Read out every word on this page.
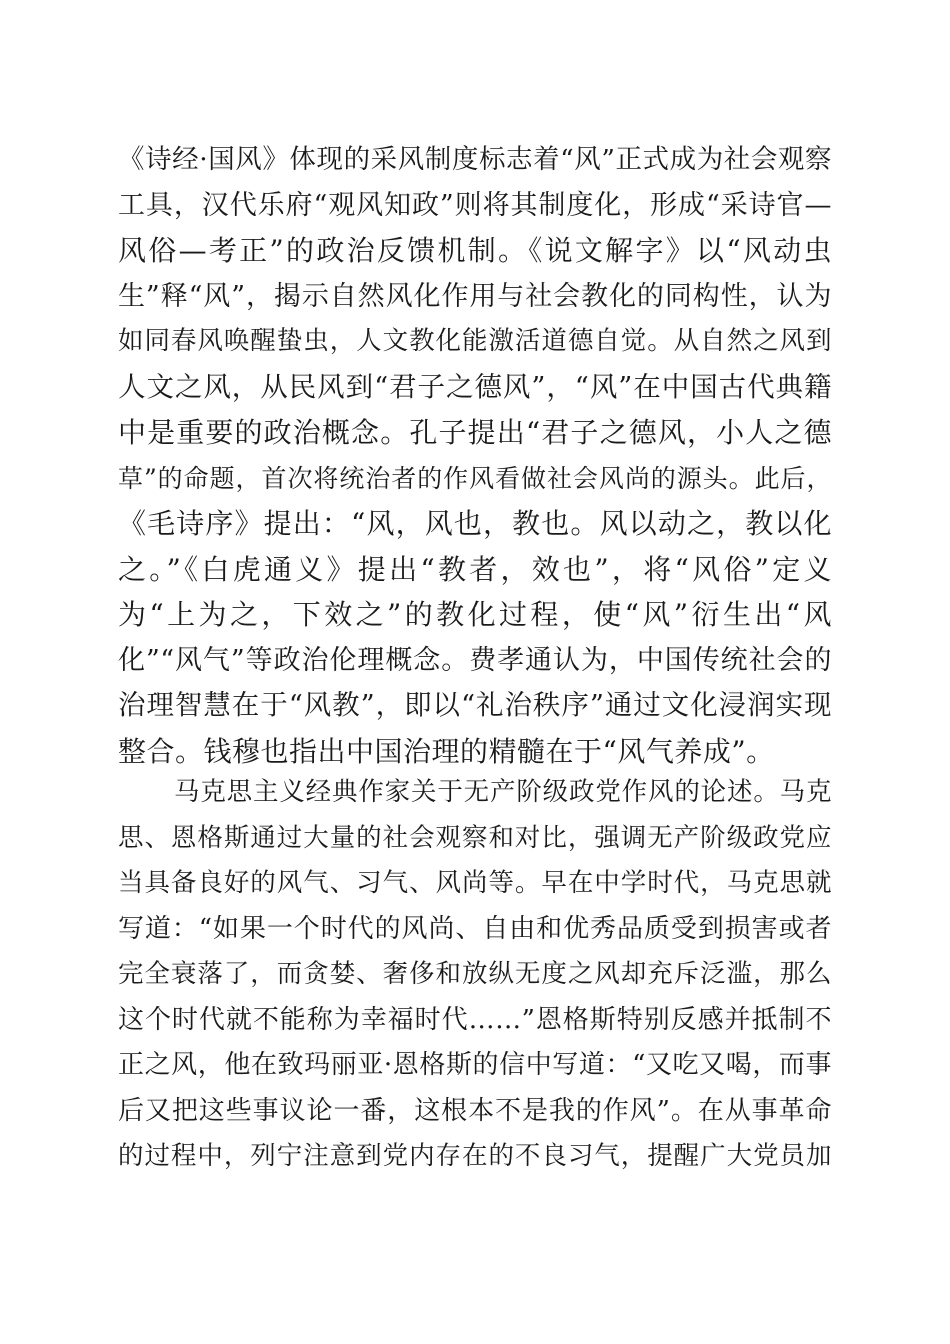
《诗经·国风》体现的采风制度标志着“风”正式成为社会观察
工具，汉代乐府“观风知政”则将其制度化，形成“采诗官—
风俗—考正”的政治反馈机制。《说文解字》以“风动虫
生”释“风”，揭示自然风化作用与社会教化的同构性，认为
如同春风唤醒蛰虫，人文教化能激活道德自觉。从自然之风到
人文之风，从民风到“君子之德风”，“风”在中国古代典籍
中是重要的政治概念。孔子提出“君子之德风，小人之德
草”的命题，首次将统治者的作风看做社会风尚的源头。此后，
《毛诗序》提出：“风，风也，教也。风以动之，教以化
之。”《白虎通义》提出“教者，效也”，将“风俗”定义
为“上为之，下效之”的教化过程，使“风”衍生出“风
化”“风气”等政治伦理概念。费孝通认为，中国传统社会的
治理智慧在于“风教”，即以“礼治秩序”通过文化浸润实现
整合。钱穆也指出中国治理的精髓在于“风气养成”。
马克思主义经典作家关于无产阶级政党作风的论述。马克
思、恩格斯通过大量的社会观察和对比，强调无产阶级政党应
当具备良好的风气、习气、风尚等。早在中学时代，马克思就
写道：“如果一个时代的风尚、自由和优秀品质受到损害或者
完全衰落了，而贪婪、奢侈和放纵无度之风却充斥泛滥，那么
这个时代就不能称为幸福时代……”恩格斯特别反感并抵制不
正之风，他在致玛丽亚·恩格斯的信中写道：“又吃又喝，而事
后又把这些事议论一番，这根本不是我的作风”。在从事革命
的过程中，列宁注意到党内存在的不良习气，提醒广大党员加
